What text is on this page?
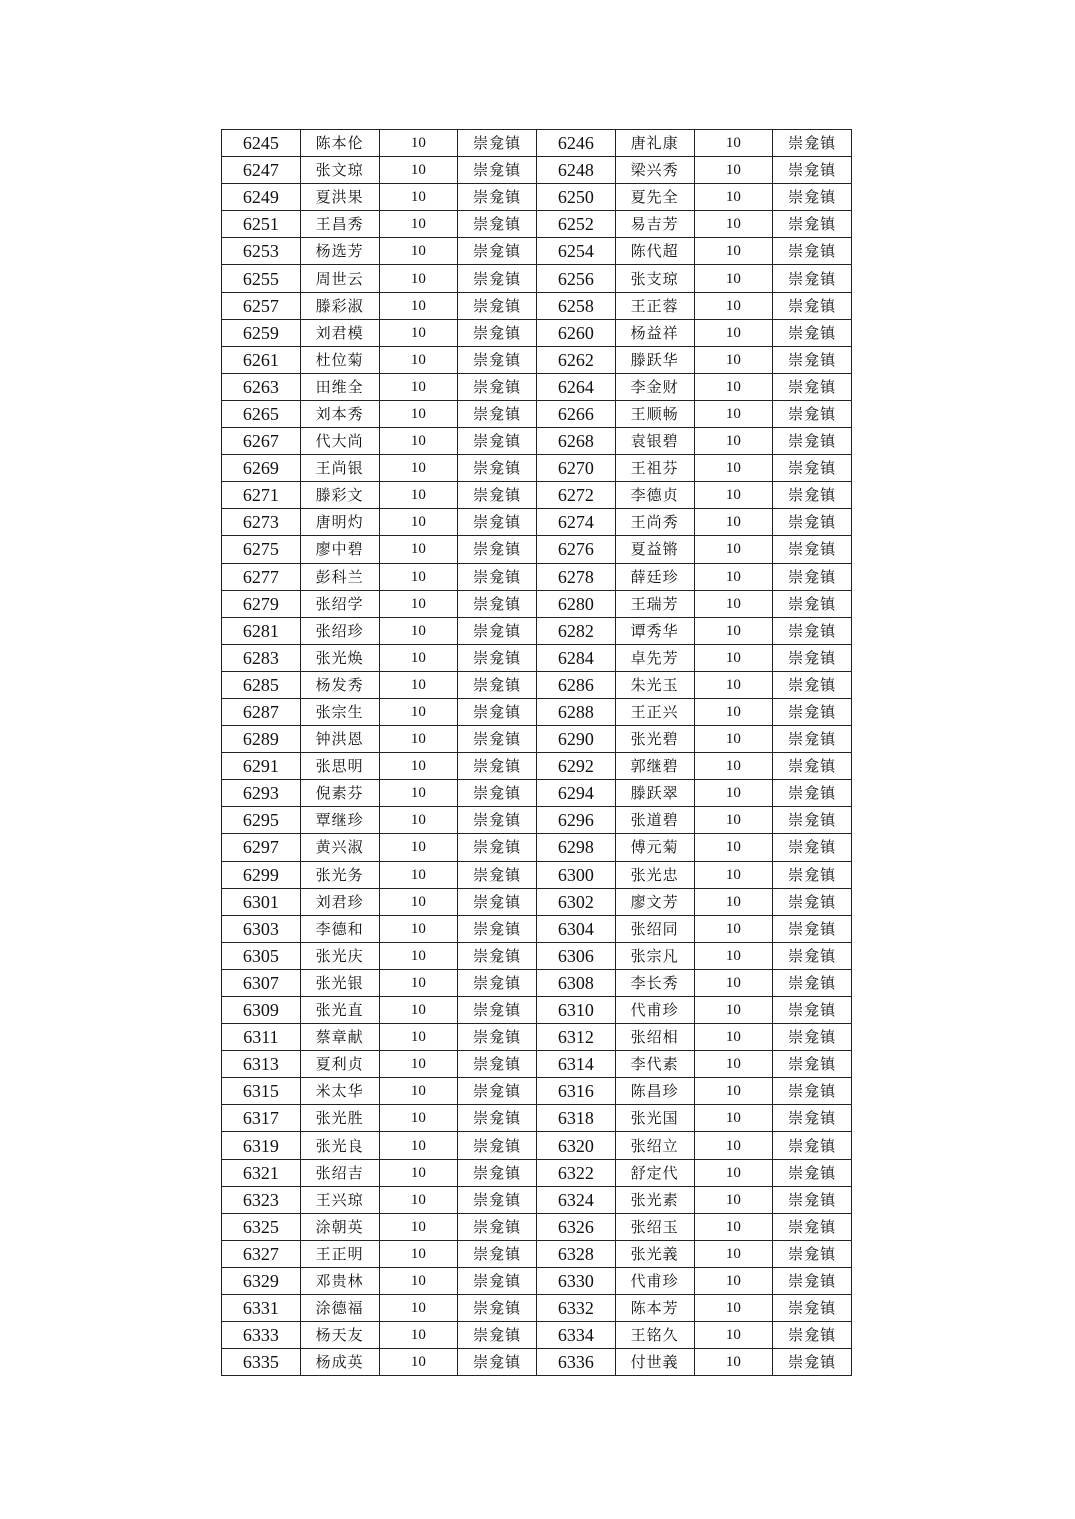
6245	陈本伦	10	崇龛镇	6246	唐礼康	10	崇龛镇
6247	张文琼	10	崇龛镇	6248	梁兴秀	10	崇龛镇
6249	夏洪果	10	崇龛镇	6250	夏先全	10	崇龛镇
6251	王昌秀	10	崇龛镇	6252	易吉芳	10	崇龛镇
6253	杨选芳	10	崇龛镇	6254	陈代超	10	崇龛镇
6255	周世云	10	崇龛镇	6256	张支琼	10	崇龛镇
6257	滕彩淑	10	崇龛镇	6258	王正蓉	10	崇龛镇
6259	刘君模	10	崇龛镇	6260	杨益祥	10	崇龛镇
6261	杜位菊	10	崇龛镇	6262	滕跃华	10	崇龛镇
6263	田维全	10	崇龛镇	6264	李金财	10	崇龛镇
6265	刘本秀	10	崇龛镇	6266	王顺畅	10	崇龛镇
6267	代大尚	10	崇龛镇	6268	袁银碧	10	崇龛镇
6269	王尚银	10	崇龛镇	6270	王祖芬	10	崇龛镇
6271	滕彩文	10	崇龛镇	6272	李德贞	10	崇龛镇
6273	唐明灼	10	崇龛镇	6274	王尚秀	10	崇龛镇
6275	廖中碧	10	崇龛镇	6276	夏益锵	10	崇龛镇
6277	彭科兰	10	崇龛镇	6278	薛廷珍	10	崇龛镇
6279	张绍学	10	崇龛镇	6280	王瑞芳	10	崇龛镇
6281	张绍珍	10	崇龛镇	6282	谭秀华	10	崇龛镇
6283	张光焕	10	崇龛镇	6284	卓先芳	10	崇龛镇
6285	杨发秀	10	崇龛镇	6286	朱光玉	10	崇龛镇
6287	张宗生	10	崇龛镇	6288	王正兴	10	崇龛镇
6289	钟洪恩	10	崇龛镇	6290	张光碧	10	崇龛镇
6291	张思明	10	崇龛镇	6292	郭继碧	10	崇龛镇
6293	倪素芬	10	崇龛镇	6294	滕跃翠	10	崇龛镇
6295	覃继珍	10	崇龛镇	6296	张道碧	10	崇龛镇
6297	黄兴淑	10	崇龛镇	6298	傅元菊	10	崇龛镇
6299	张光务	10	崇龛镇	6300	张光忠	10	崇龛镇
6301	刘君珍	10	崇龛镇	6302	廖文芳	10	崇龛镇
6303	李德和	10	崇龛镇	6304	张绍同	10	崇龛镇
6305	张光庆	10	崇龛镇	6306	张宗凡	10	崇龛镇
6307	张光银	10	崇龛镇	6308	李长秀	10	崇龛镇
6309	张光直	10	崇龛镇	6310	代甫珍	10	崇龛镇
6311	蔡章献	10	崇龛镇	6312	张绍相	10	崇龛镇
6313	夏利贞	10	崇龛镇	6314	李代素	10	崇龛镇
6315	米太华	10	崇龛镇	6316	陈昌珍	10	崇龛镇
6317	张光胜	10	崇龛镇	6318	张光国	10	崇龛镇
6319	张光良	10	崇龛镇	6320	张绍立	10	崇龛镇
6321	张绍吉	10	崇龛镇	6322	舒定代	10	崇龛镇
6323	王兴琼	10	崇龛镇	6324	张光素	10	崇龛镇
6325	涂朝英	10	崇龛镇	6326	张绍玉	10	崇龛镇
6327	王正明	10	崇龛镇	6328	张光義	10	崇龛镇
6329	邓贵林	10	崇龛镇	6330	代甫珍	10	崇龛镇
6331	涂德福	10	崇龛镇	6332	陈本芳	10	崇龛镇
6333	杨天友	10	崇龛镇	6334	王铭久	10	崇龛镇
6335	杨成英	10	崇龛镇	6336	付世義	10	崇龛镇
